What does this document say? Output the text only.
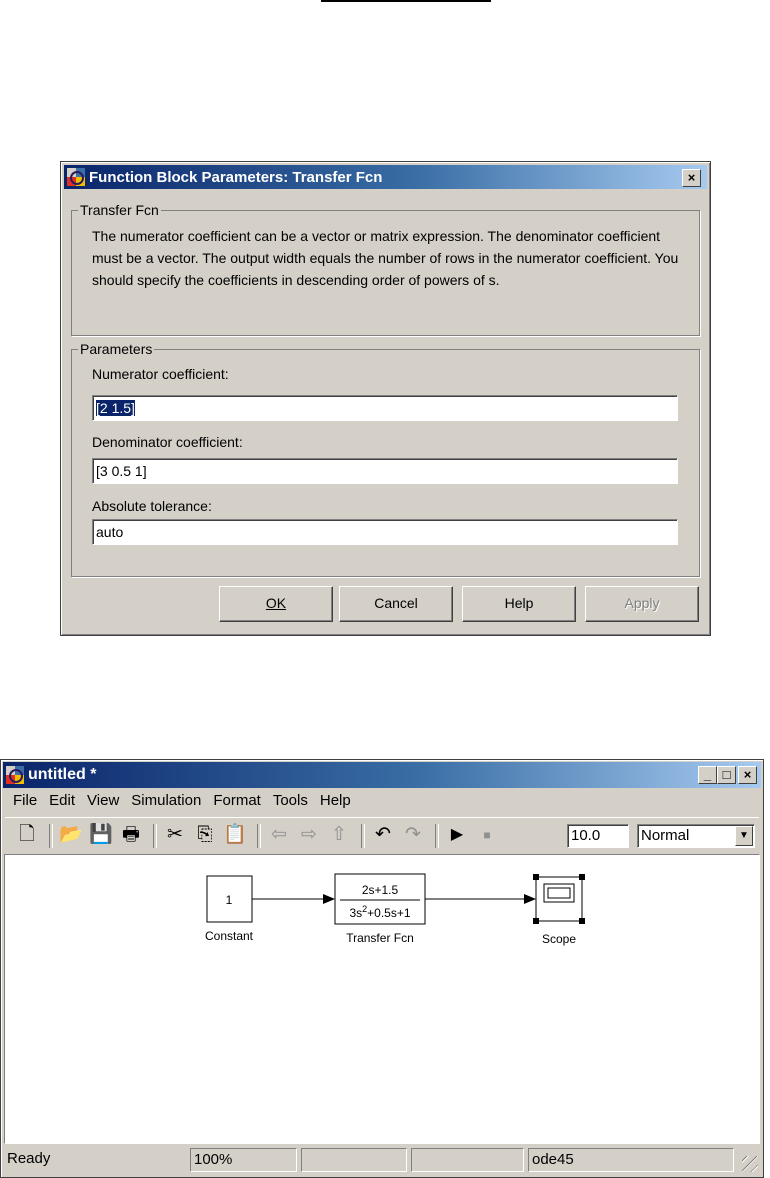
Function Block Parameters: Transfer Fcn	×
Transfer Fcn
The numerator coefficient can be a vector or matrix expression. The denominator coefficient must be a vector. The output width equals the number of rows in the numerator coefficient. You should specify the coefficients in descending order of powers of s.
Parameters
Numerator coefficient:
[2 1.5]
Denominator coefficient:
[3 0.5 1]
Absolute tolerance:
auto
OK	Cancel	Help	Apply
untitled *	_ □	×
File Edit View Simulation Format Tools Help
🗋 📂 💾 🖶 ✂ ⎘ 📋 ⇦ ⇨ ⇧ ↶ ↷	▶	■	10.0	Normal	▼
1
Constant
2s+1.5
$3s^2+0.5s+1$
Transfer Fcn	Scope
Ready	100%	ode45
